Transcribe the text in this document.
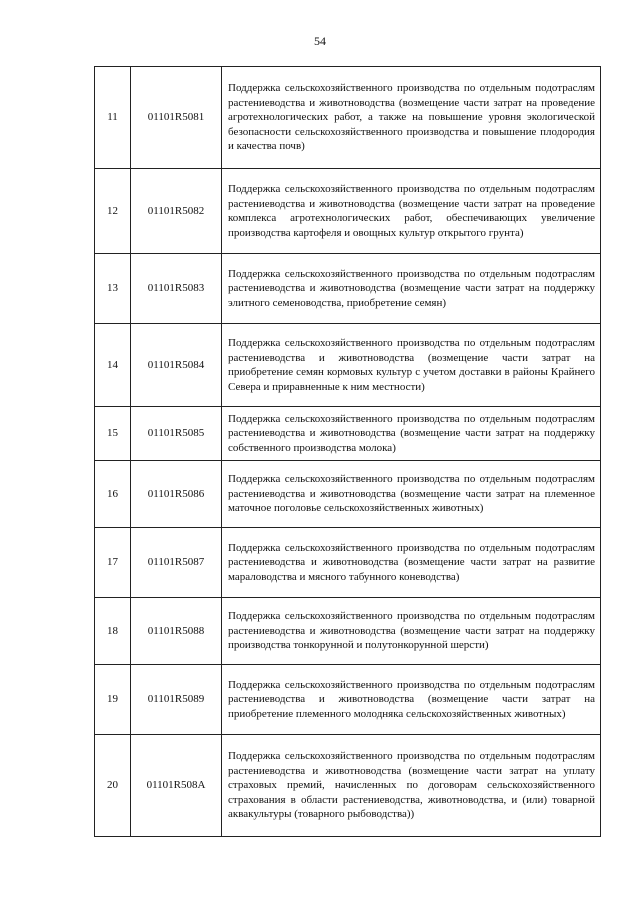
54
11	01101R5081	Поддержка сельскохозяйственного производства по отдельным подотраслям растениеводства и животноводства (возмещение части затрат на проведение агротехнологических работ, а также на повышение уровня экологической безопасности сельскохозяйственного производства и повышение плодородия и качества почв)
12	01101R5082	Поддержка сельскохозяйственного производства по отдельным подотраслям растениеводства и животноводства (возмещение части затрат на проведение комплекса агротехнологических работ, обеспечивающих увеличение производства картофеля и овощных культур открытого грунта)
13	01101R5083	Поддержка сельскохозяйственного производства по отдельным подотраслям растениеводства и животноводства (возмещение части затрат на поддержку элитного семеноводства, приобретение семян)
14	01101R5084	Поддержка сельскохозяйственного производства по отдельным подотраслям растениеводства и животноводства (возмещение части затрат на приобретение семян кормовых культур с учетом доставки в районы Крайнего Севера и приравненные к ним местности)
15	01101R5085	Поддержка сельскохозяйственного производства по отдельным подотраслям растениеводства и животноводства (возмещение части затрат на поддержку собственного производства молока)
16	01101R5086	Поддержка сельскохозяйственного производства по отдельным подотраслям растениеводства и животноводства (возмещение части затрат на племенное маточное поголовье сельскохозяйственных животных)
17	01101R5087	Поддержка сельскохозяйственного производства по отдельным подотраслям растениеводства и животноводства (возмещение части затрат на развитие мараловодства и мясного табунного коневодства)
18	01101R5088	Поддержка сельскохозяйственного производства по отдельным подотраслям растениеводства и животноводства (возмещение части затрат на поддержку производства тонкорунной и полутонкорунной шерсти)
19	01101R5089	Поддержка сельскохозяйственного производства по отдельным подотраслям растениеводства и животноводства (возмещение части затрат на приобретение племенного молодняка сельскохозяйственных животных)
20	01101R508A	Поддержка сельскохозяйственного производства по отдельным подотраслям растениеводства и животноводства (возмещение части затрат на уплату страховых премий, начисленных по договорам сельскохозяйственного страхования в области растениеводства, животноводства, и (или) товарной аквакультуры (товарного рыбоводства))
